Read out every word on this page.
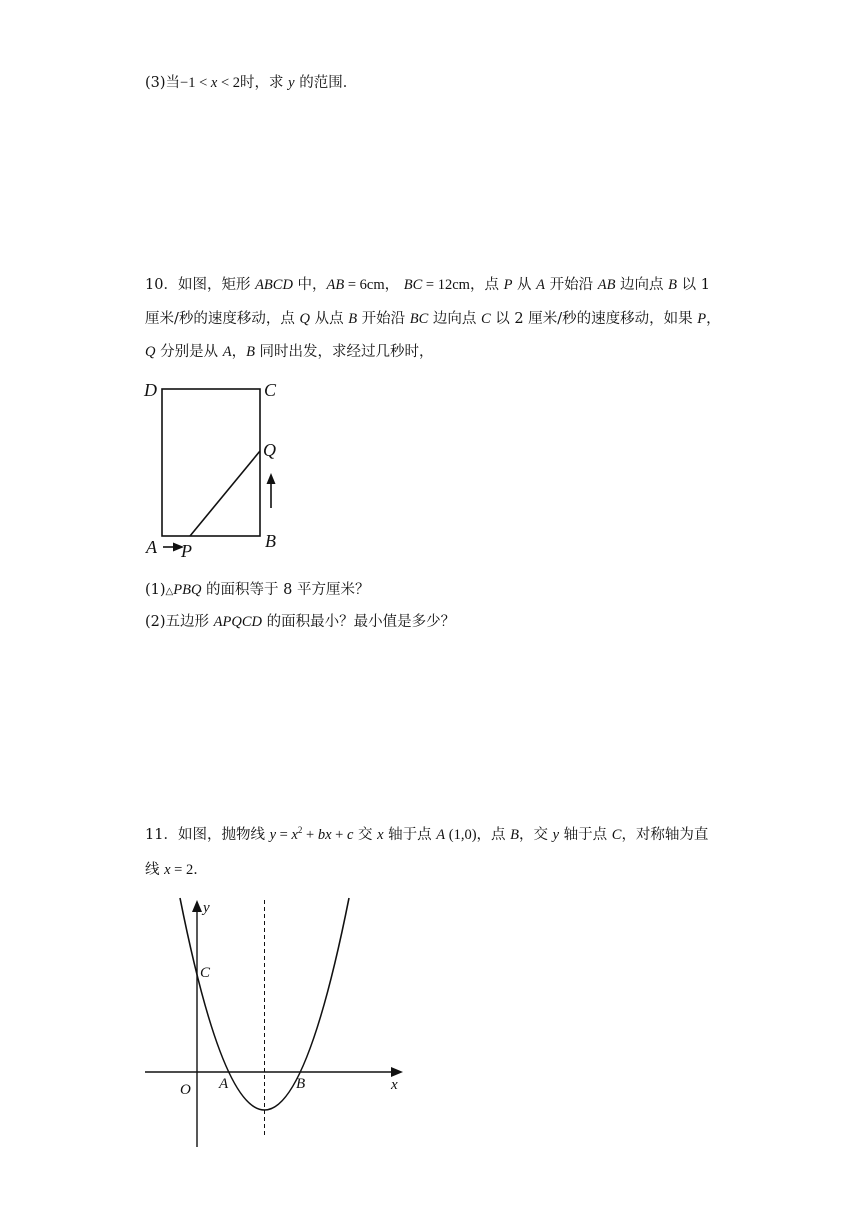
(3)当−1 < x < 2时，求 y 的范围．
10．如图，矩形 ABCD 中，AB = 6cm， BC = 12cm，点 P 从 A 开始沿 AB 边向点 B 以 1
厘米/秒的速度移动，点 Q 从点 B 开始沿 BC 边向点 C 以 2 厘米/秒的速度移动，如果 P，
Q 分别是从 A，B 同时出发，求经过几秒时，
D	C
Q
B
A P
(1)△PBQ 的面积等于 8 平方厘米？
(2)五边形 APQCD 的面积最小？最小值是多少？
11．如图，抛物线 $y = x^2$ + bx + c 交 x 轴于点 A (1,0)，点 B，交 y 轴于点 C，对称轴为直
线 x = 2．
y
x
C
O A	B
